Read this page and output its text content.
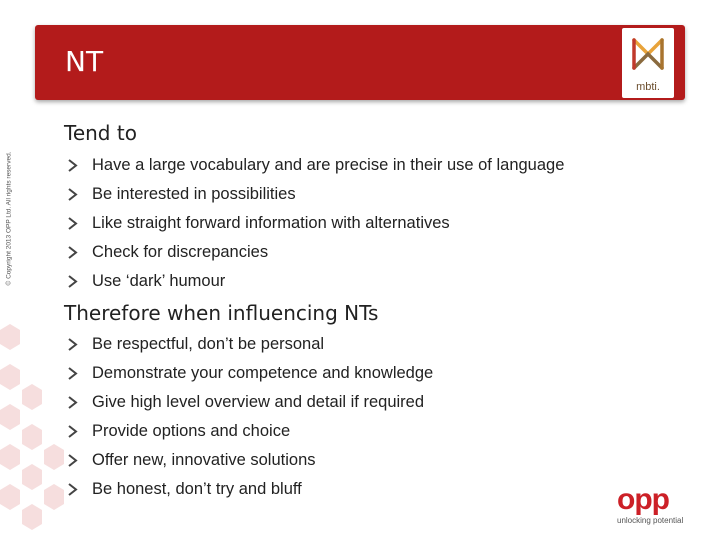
© Copyright 2013 OPP Ltd. All rights reserved.
NT
mbti.
Tend to
Have a large vocabulary and are precise in their use of language
Be interested in possibilities
Like straight forward information with alternatives
Check for discrepancies
Use ‘dark’ humour
Therefore when influencing NTs
Be respectful, don’t be personal
Demonstrate your competence and knowledge
Give high level overview and detail if required
Provide options and choice
Offer new, innovative solutions
Be honest, don’t try and bluff	opp
unlocking potential
